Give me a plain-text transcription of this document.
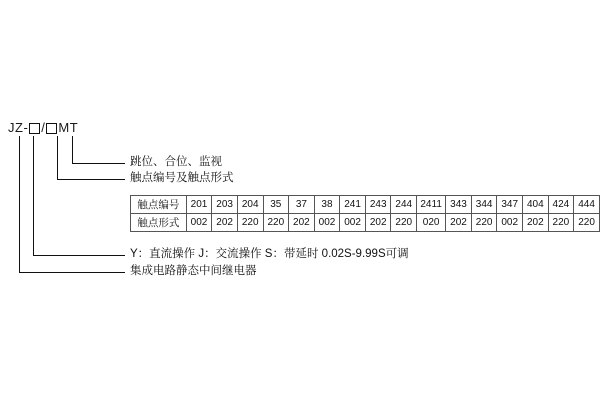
JZ- / MT
跳位、合位、监视
触点编号及触点形式
Y：直流操作 J：交流操作 S：带延时 0.02S-9.99S可调
集成电路静态中间继电器
触点编号	201	203	204	35	37	38	241	243	244	2411	343	344	347	404	424	444
触点形式	002	202	220	220	202	002	002	202	220	020	202	220	002	202	220	220
